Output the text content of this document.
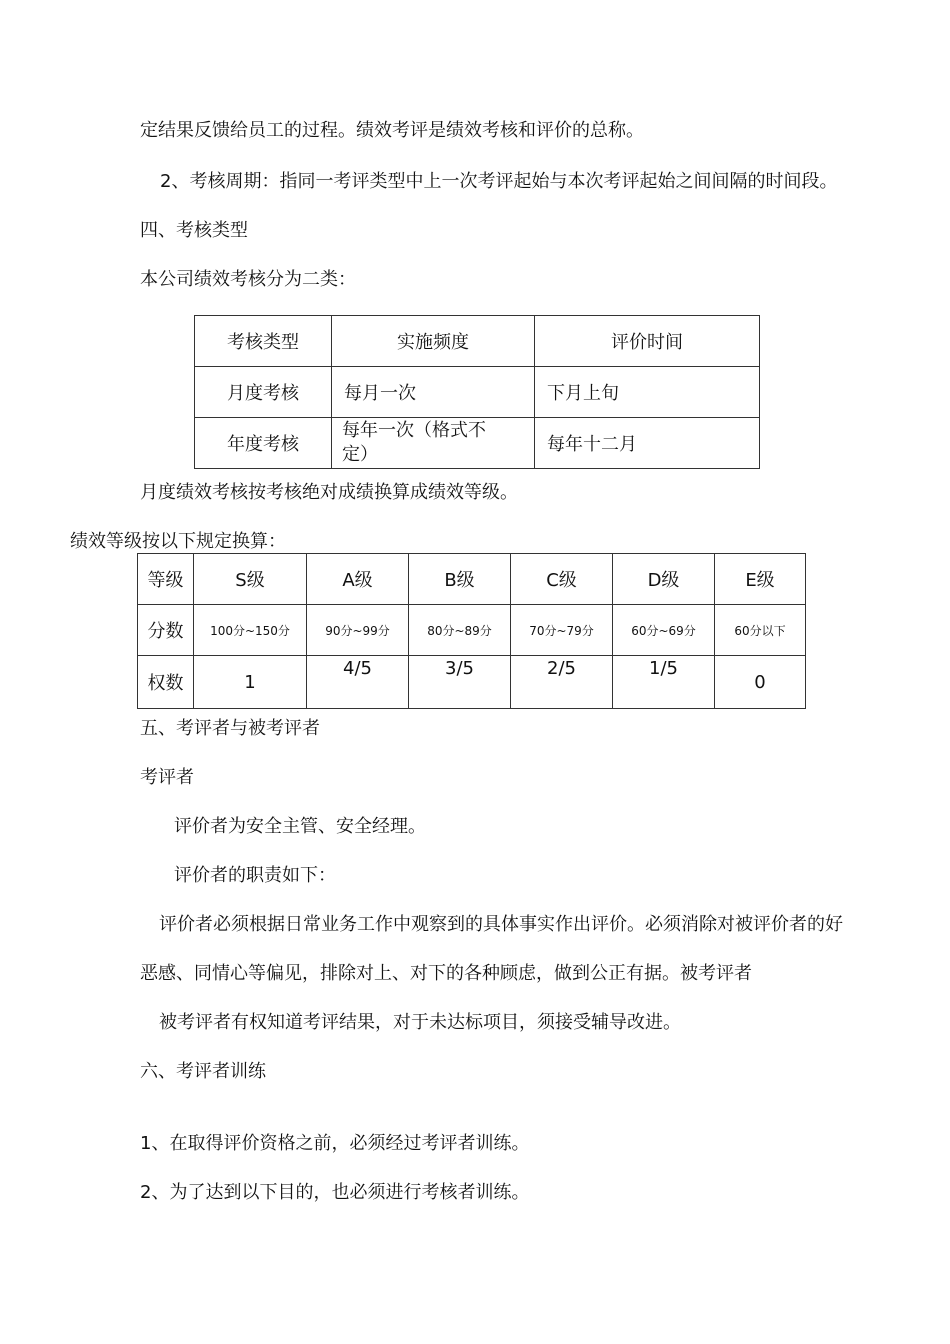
定结果反馈给员工的过程。绩效考评是绩效考核和评价的总称。
2、考核周期：指同一考评类型中上一次考评起始与本次考评起始之间间隔的时间段。
四、考核类型
本公司绩效考核分为二类：
考核类型	实施频度	评价时间
月度考核	每月一次	下月上旬
年度考核	每年一次（格式不定）	每年十二月
月度绩效考核按考核绝对成绩换算成绩效等级。
绩效等级按以下规定换算：
等级	S级	A级	B级	C级	D级	E级
分数	100分~150分	90分~99分	80分~89分	70分~79分	60分~69分	60分以下
权数	1	4/5	3/5	2/5	1/5	0
五、考评者与被考评者
考评者
评价者为安全主管、安全经理。
评价者的职责如下：
评价者必须根据日常业务工作中观察到的具体事实作出评价。必须消除对被评价者的好
恶感、同情心等偏见，排除对上、对下的各种顾虑，做到公正有据。被考评者
被考评者有权知道考评结果，对于未达标项目，须接受辅导改进。
六、考评者训练
1、在取得评价资格之前，必须经过考评者训练。
2、为了达到以下目的，也必须进行考核者训练。
